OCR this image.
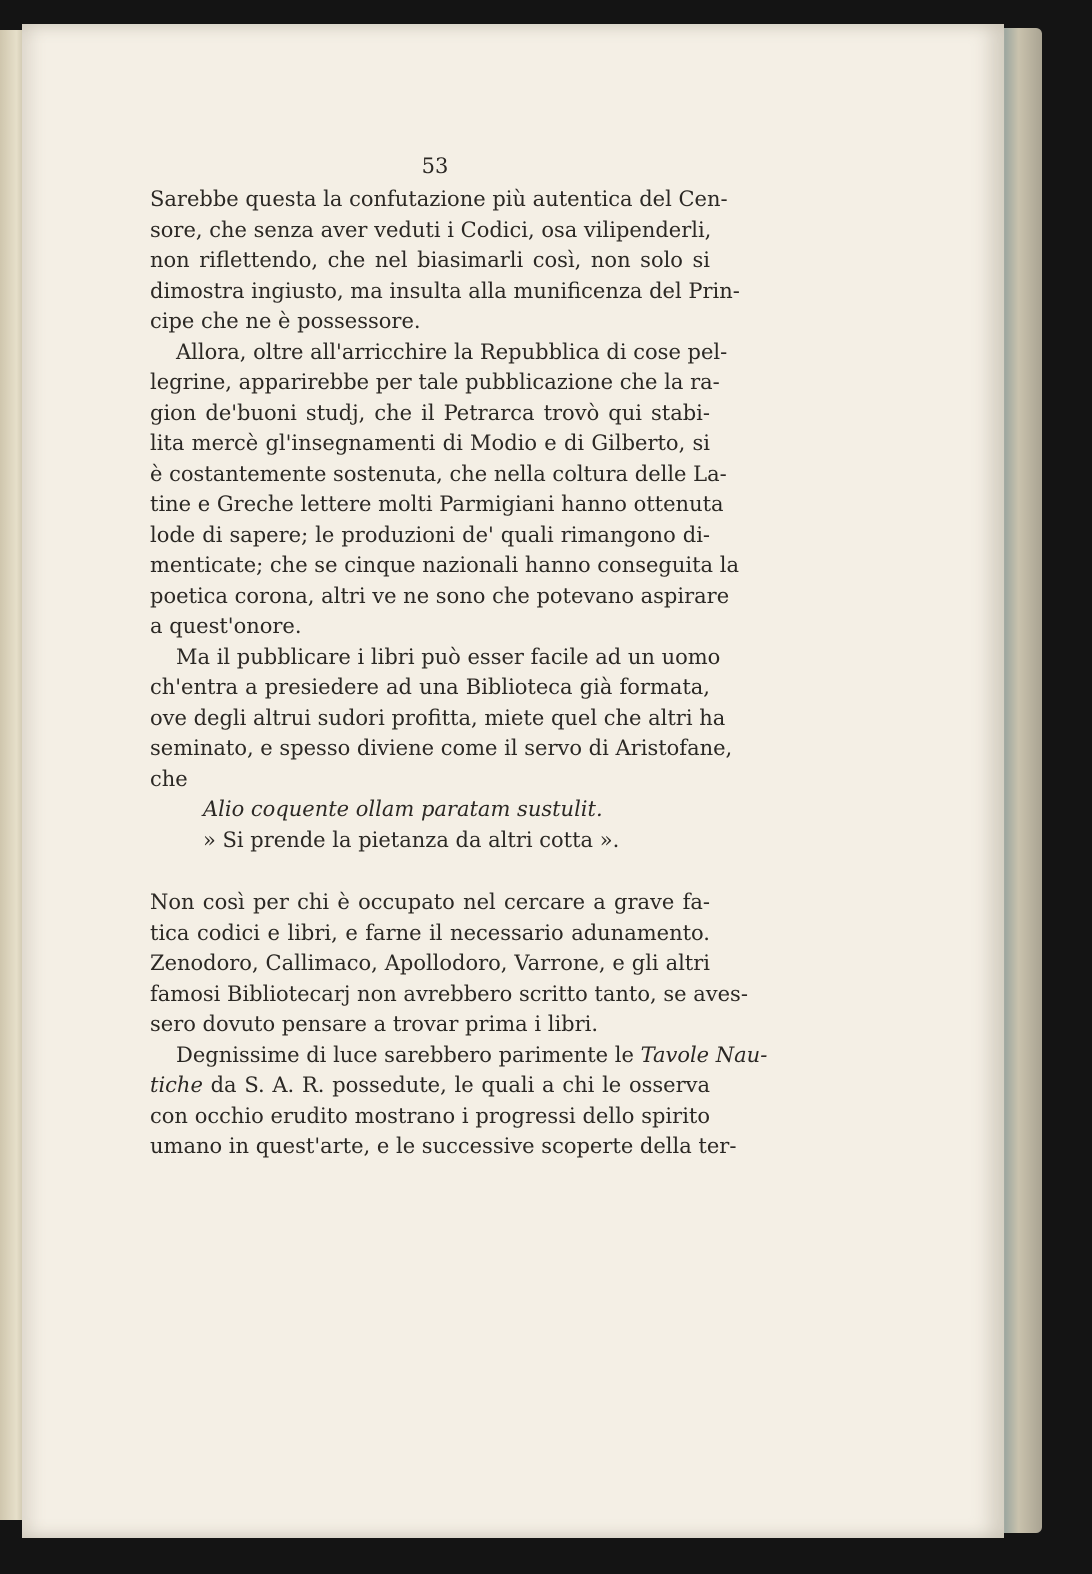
53
Sarebbe questa la confutazione più autentica del Cen-
sore, che senza aver veduti i Codici, osa vilipenderli,
non riflettendo, che nel biasimarli così, non solo si
dimostra ingiusto, ma insulta alla munificenza del Prin-
cipe che ne è possessore.
Allora, oltre all'arricchire la Repubblica di cose pel-
legrine, apparirebbe per tale pubblicazione che la ra-
gion de'buoni studj, che il Petrarca trovò qui stabi-
lita mercè gl'insegnamenti di Modio e di Gilberto, si
è costantemente sostenuta, che nella coltura delle La-
tine e Greche lettere molti Parmigiani hanno ottenuta
lode di sapere; le produzioni de' quali rimangono di-
menticate; che se cinque nazionali hanno conseguita la
poetica corona, altri ve ne sono che potevano aspirare
a quest'onore.
Ma il pubblicare i libri può esser facile ad un uomo
ch'entra a presiedere ad una Biblioteca già formata,
ove degli altrui sudori profitta, miete quel che altri ha
seminato, e spesso diviene come il servo di Aristofane,
che
Alio coquente ollam paratam sustulit.
» Si prende la pietanza da altri cotta ».
Non così per chi è occupato nel cercare a grave fa-
tica codici e libri, e farne il necessario adunamento.
Zenodoro, Callimaco, Apollodoro, Varrone, e gli altri
famosi Bibliotecarj non avrebbero scritto tanto, se aves-
sero dovuto pensare a trovar prima i libri.
Degnissime di luce sarebbero parimente le Tavole Nau-
tiche da S. A. R. possedute, le quali a chi le osserva
con occhio erudito mostrano i progressi dello spirito
umano in quest'arte, e le successive scoperte della ter-
